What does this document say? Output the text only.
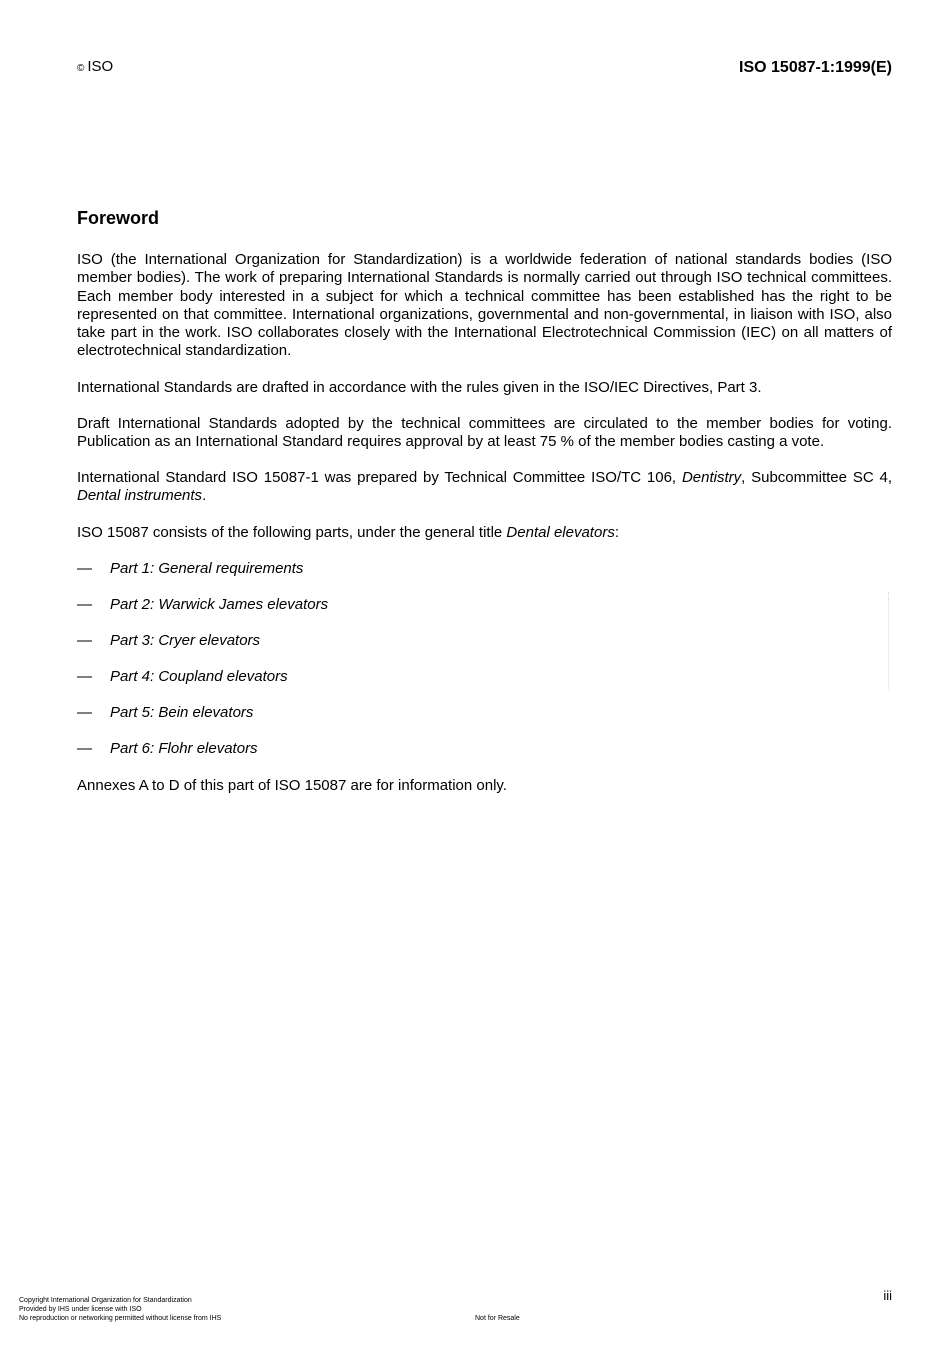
© ISO	ISO 15087-1:1999(E)
Foreword

ISO (the International Organization for Standardization) is a worldwide federation of national standards bodies (ISO member bodies). The work of preparing International Standards is normally carried out through ISO technical committees. Each member body interested in a subject for which a technical committee has been established has the right to be represented on that committee. International organizations, governmental and non-governmental, in liaison with ISO, also take part in the work. ISO collaborates closely with the International Electrotechnical Commission (IEC) on all matters of electrotechnical standardization.

International Standards are drafted in accordance with the rules given in the ISO/IEC Directives, Part 3.

Draft International Standards adopted by the technical committees are circulated to the member bodies for voting. Publication as an International Standard requires approval by at least 75 % of the member bodies casting a vote.

International Standard ISO 15087-1 was prepared by Technical Committee ISO/TC 106, Dentistry, Subcommittee SC 4, Dental instruments.

ISO 15087 consists of the following parts, under the general title Dental elevators:

— Part 1: General requirements
— Part 2: Warwick James elevators
— Part 3: Cryer elevators
— Part 4: Coupland elevators
— Part 5: Bein elevators
— Part 6: Flohr elevators

Annexes A to D of this part of ISO 15087 are for information only.

iii
Copyright International Organization for Standardization
Provided by IHS under license with ISO
No reproduction or networking permitted without license from IHS	Not for Resale
